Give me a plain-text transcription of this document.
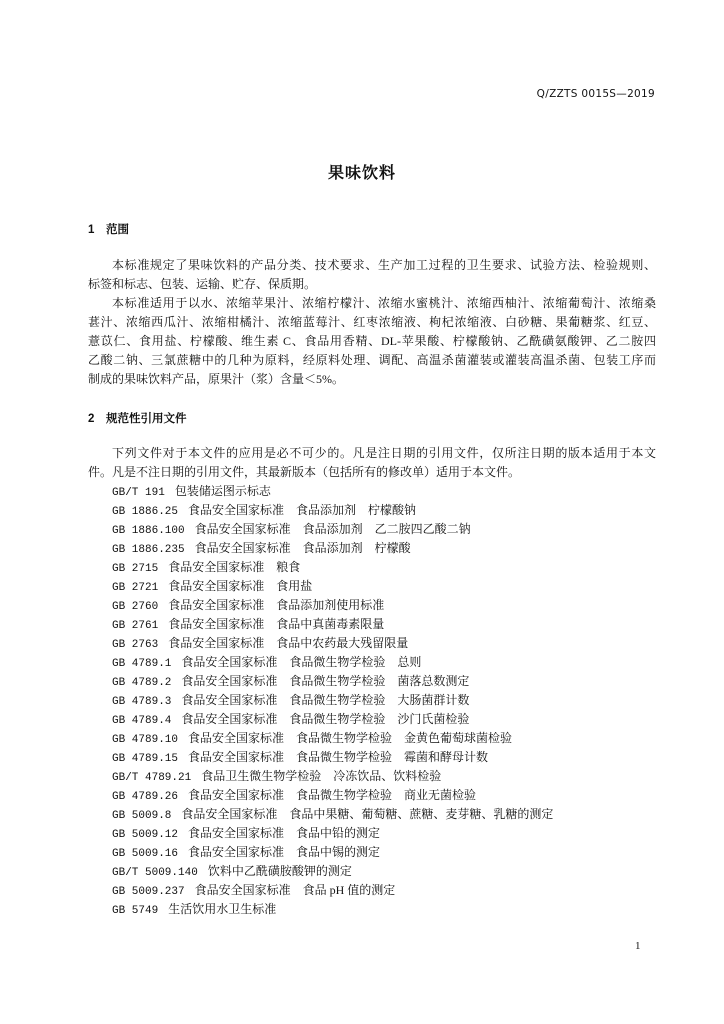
Q/ZZTS 0015S—2019
果味饮料
1 范围
本标准规定了果味饮料的产品分类、技术要求、生产加工过程的卫生要求、试验方法、检验规则、
标签和标志、包装、运输、贮存、保质期。
本标准适用于以水、浓缩苹果汁、浓缩柠檬汁、浓缩水蜜桃汁、浓缩西柚汁、浓缩葡萄汁、浓缩桑
葚汁、浓缩西瓜汁、浓缩柑橘汁、浓缩蓝莓汁、红枣浓缩液、枸杞浓缩液、白砂糖、果葡糖浆、红豆、
薏苡仁、食用盐、柠檬酸、维生素 C、食品用香精、DL-苹果酸、柠檬酸钠、乙酰磺氨酸钾、乙二胺四
乙酸二钠、三氯蔗糖中的几种为原料，经原料处理、调配、高温杀菌灌装或灌装高温杀菌、包装工序而
制成的果味饮料产品，原果汁（浆）含量＜5%。
2 规范性引用文件
下列文件对于本文件的应用是必不可少的。凡是注日期的引用文件，仅所注日期的版本适用于本文
件。凡是不注日期的引用文件，其最新版本（包括所有的修改单）适用于本文件。
GB/T 191 包装储运图示标志
GB 1886.25 食品安全国家标准　食品添加剂　柠檬酸钠
GB 1886.100 食品安全国家标准　食品添加剂　乙二胺四乙酸二钠
GB 1886.235 食品安全国家标准　食品添加剂　柠檬酸
GB 2715 食品安全国家标准　粮食
GB 2721 食品安全国家标准　食用盐
GB 2760 食品安全国家标准　食品添加剂使用标准
GB 2761 食品安全国家标准　食品中真菌毒素限量
GB 2763 食品安全国家标准　食品中农药最大残留限量
GB 4789.1 食品安全国家标准　食品微生物学检验　总则
GB 4789.2 食品安全国家标准　食品微生物学检验　菌落总数测定
GB 4789.3 食品安全国家标准　食品微生物学检验　大肠菌群计数
GB 4789.4 食品安全国家标准　食品微生物学检验　沙门氏菌检验
GB 4789.10 食品安全国家标准　食品微生物学检验　金黄色葡萄球菌检验
GB 4789.15 食品安全国家标准　食品微生物学检验　霉菌和酵母计数
GB/T 4789.21 食品卫生微生物学检验　冷冻饮品、饮料检验
GB 4789.26 食品安全国家标准　食品微生物学检验　商业无菌检验
GB 5009.8 食品安全国家标准　食品中果糖、葡萄糖、蔗糖、麦芽糖、乳糖的测定
GB 5009.12 食品安全国家标准　食品中铅的测定
GB 5009.16 食品安全国家标准　食品中锡的测定
GB/T 5009.140 饮料中乙酰磺胺酸钾的测定
GB 5009.237 食品安全国家标准　食品 pH 值的测定
GB 5749 生活饮用水卫生标准
1
